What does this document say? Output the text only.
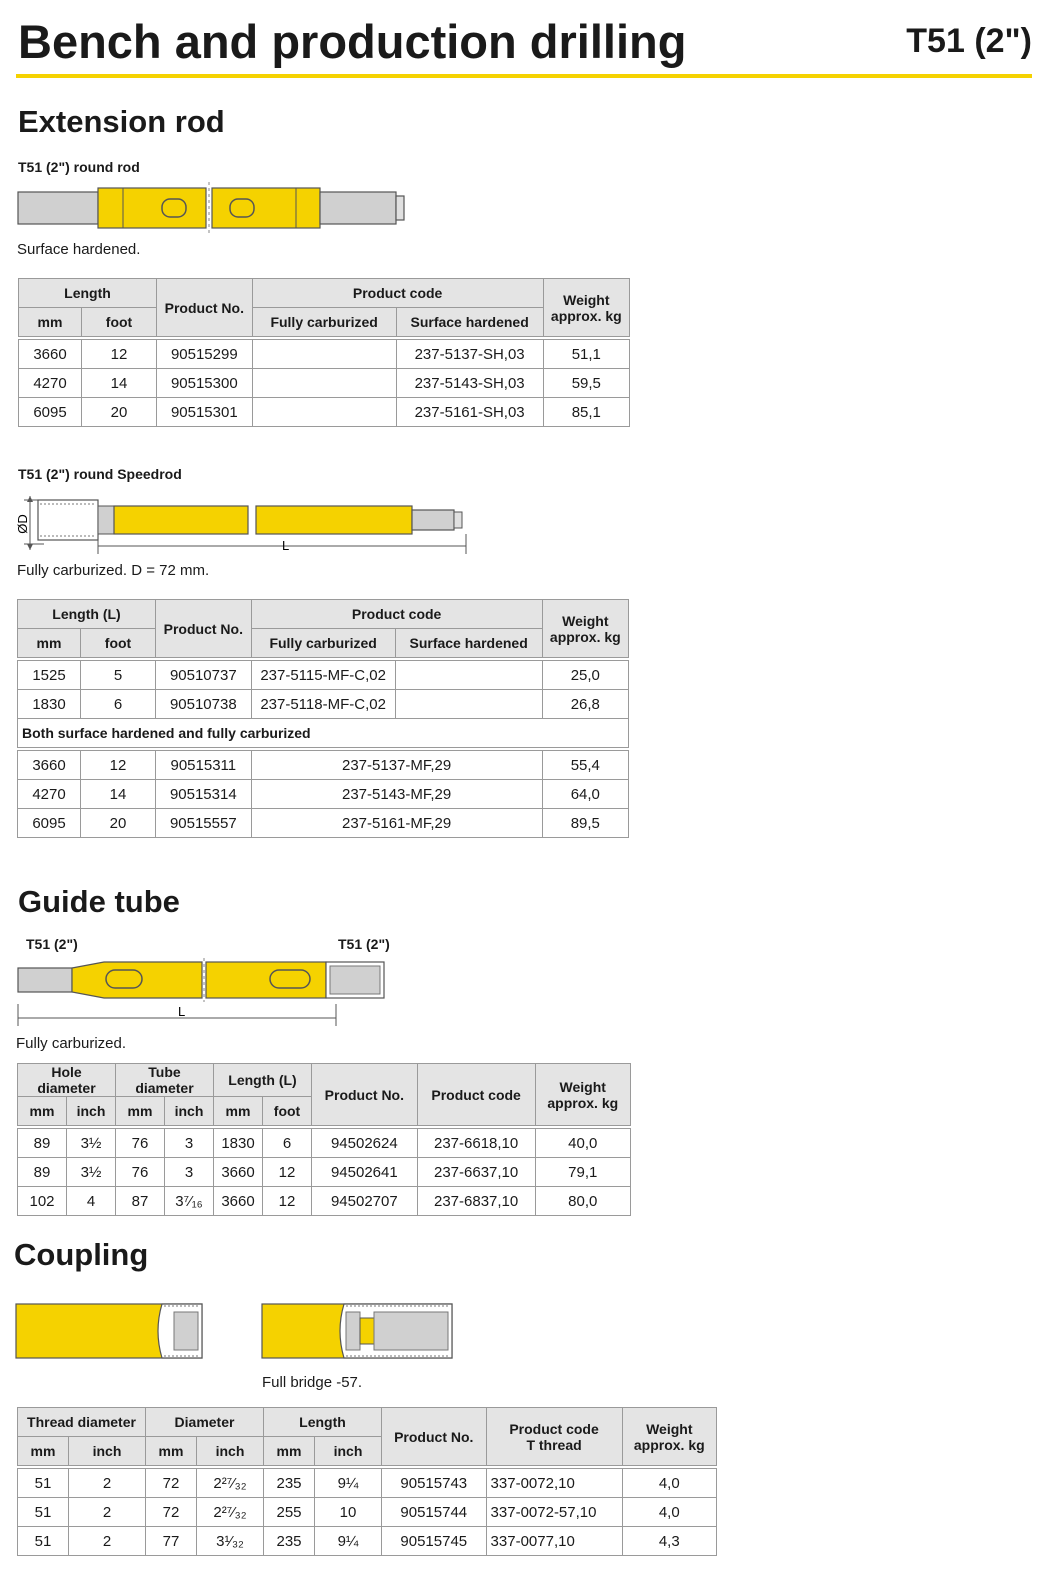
Bench and production drilling	T51 (2")
Extension rod
T51 (2") round rod
Surface hardened.
Length		Product No.	Product code		Weight
approx. kg
mm	foot		Fully carburized	Surface hardened	

3660	12	90515299		237-5137-SH,03	51,1
4270	14	90515300		237-5143-SH,03	59,5
6095	20	90515301		237-5161-SH,03	85,1
T51 (2") round Speedrod
ØD
L
Fully carburized. D = 72 mm.
Length (L)		Product No.	Product code		Weight
approx. kg
mm	foot		Fully carburized	Surface hardened	

1525	5	90510737	237-5115-MF-C,02		25,0
1830	6	90510738	237-5118-MF-C,02		26,8
Both surface hardened and fully carburized					

3660	12	90515311	237-5137-MF,29		55,4
4270	14	90515314	237-5143-MF,29		64,0
6095	20	90515557	237-5161-MF,29		89,5
Guide tube
T51 (2")	T51 (2")
L
Fully carburized.
Hole diameter		Tube diameter		Length (L)		Product No.	Product code	Weight
approx. kg
mm	inch	mm	inch	mm	foot			

89	3½	76	3	1830	6	94502624	237-6618,10	40,0
89	3½	76	3	3660	12	94502641	237-6637,10	79,1
102	4	87	3⁷⁄₁₆	3660	12	94502707	237-6837,10	80,0
Coupling
Full bridge -57.
Thread diameter		Diameter		Length		Product No.	Product code
T thread	Weight
approx. kg
mm	inch	mm	inch	mm	inch			

51	2	72	2²⁷⁄₃₂	235	9¼	90515743	337-0072,10	4,0
51	2	72	2²⁷⁄₃₂	255	10	90515744	337-0072-57,10	4,0
51	2	77	3¹⁄₃₂	235	9¼	90515745	337-0077,10	4,3
